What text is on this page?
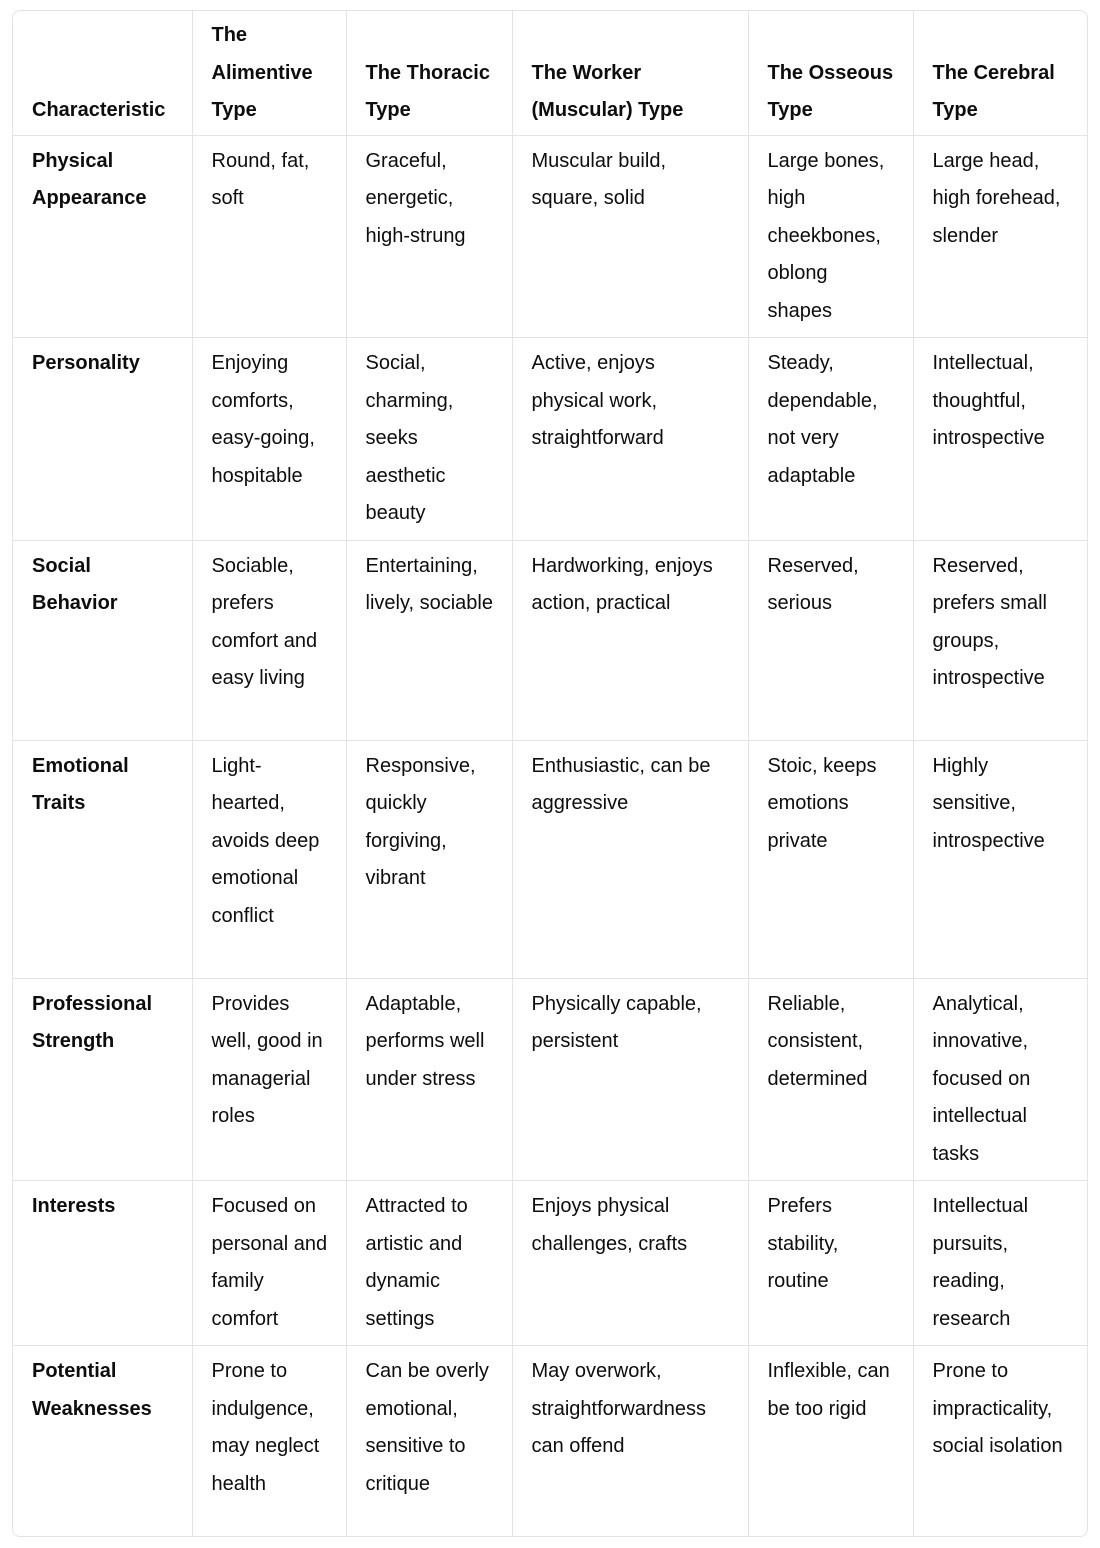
Characteristic	The Alimentive Type	The Thoracic Type	The Worker (Muscular) Type	The Osseous Type	The Cerebral Type
Physical Appearance	Round, fat, soft	Graceful, energetic, high-strung	Muscular build, square, solid	Large bones, high cheekbones, oblong shapes	Large head, high forehead, slender
Personality	Enjoying comforts, easy-going, hospitable	Social, charming, seeks aesthetic beauty	Active, enjoys physical work, straightforward	Steady, dependable, not very adaptable	Intellectual, thoughtful, introspective
Social Behavior	Sociable, prefers comfort and easy living	Entertaining, lively, sociable	Hardworking, enjoys action, practical	Reserved, serious	Reserved, prefers small groups, introspective
Emotional Traits	Light-hearted, avoids deep emotional conflict	Responsive, quickly forgiving, vibrant	Enthusiastic, can be aggressive	Stoic, keeps emotions private	Highly sensitive, introspective
Professional Strength	Provides well, good in managerial roles	Adaptable, performs well under stress	Physically capable, persistent	Reliable, consistent, determined	Analytical, innovative, focused on intellectual tasks
Interests	Focused on personal and family comfort	Attracted to artistic and dynamic settings	Enjoys physical challenges, crafts	Prefers stability, routine	Intellectual pursuits, reading, research
Potential Weaknesses	Prone to indulgence, may neglect health	Can be overly emotional, sensitive to critique	May overwork, straightforwardness can offend	Inflexible, can be too rigid	Prone to impracticality, social isolation
